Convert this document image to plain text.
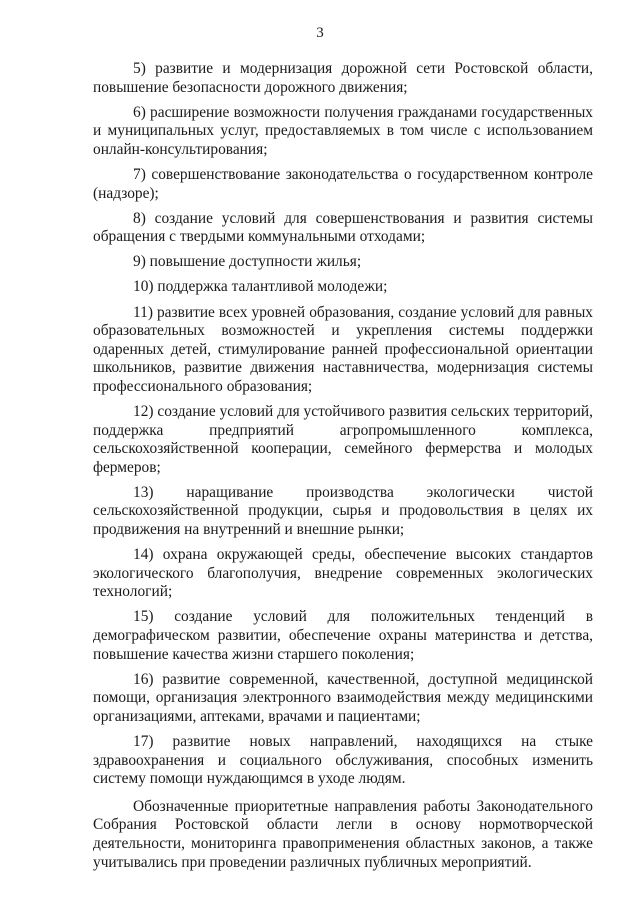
3

5) развитие и модернизация дорожной сети Ростовской области, повышение безопасности дорожного движения;

6) расширение возможности получения гражданами государственных и муниципальных услуг, предоставляемых в том числе с использованием онлайн-консультирования;

7) совершенствование законодательства о государственном контроле (надзоре);

8) создание условий для совершенствования и развития системы обращения с твердыми коммунальными отходами;

9) повышение доступности жилья;

10) поддержка талантливой молодежи;

11) развитие всех уровней образования, создание условий для равных образовательных возможностей и укрепления системы поддержки одаренных детей, стимулирование ранней профессиональной ориентации школьников, развитие движения наставничества, модернизация системы профессионального образования;

12) создание условий для устойчивого развития сельских территорий, поддержка предприятий агропромышленного комплекса, сельскохозяйственной кооперации, семейного фермерства и молодых фермеров;

13) наращивание производства экологически чистой сельскохозяйственной продукции, сырья и продовольствия в целях их продвижения на внутренний и внешние рынки;

14) охрана окружающей среды, обеспечение высоких стандартов экологического благополучия, внедрение современных экологических технологий;

15) создание условий для положительных тенденций в демографическом развитии, обеспечение охраны материнства и детства, повышение качества жизни старшего поколения;

16) развитие современной, качественной, доступной медицинской помощи, организация электронного взаимодействия между медицинскими организациями, аптеками, врачами и пациентами;

17) развитие новых направлений, находящихся на стыке здравоохранения и социального обслуживания, способных изменить систему помощи нуждающимся в уходе людям.

Обозначенные приоритетные направления работы Законодательного Собрания Ростовской области легли в основу нормотворческой деятельности, мониторинга правоприменения областных законов, а также учитывались при проведении различных публичных мероприятий.
